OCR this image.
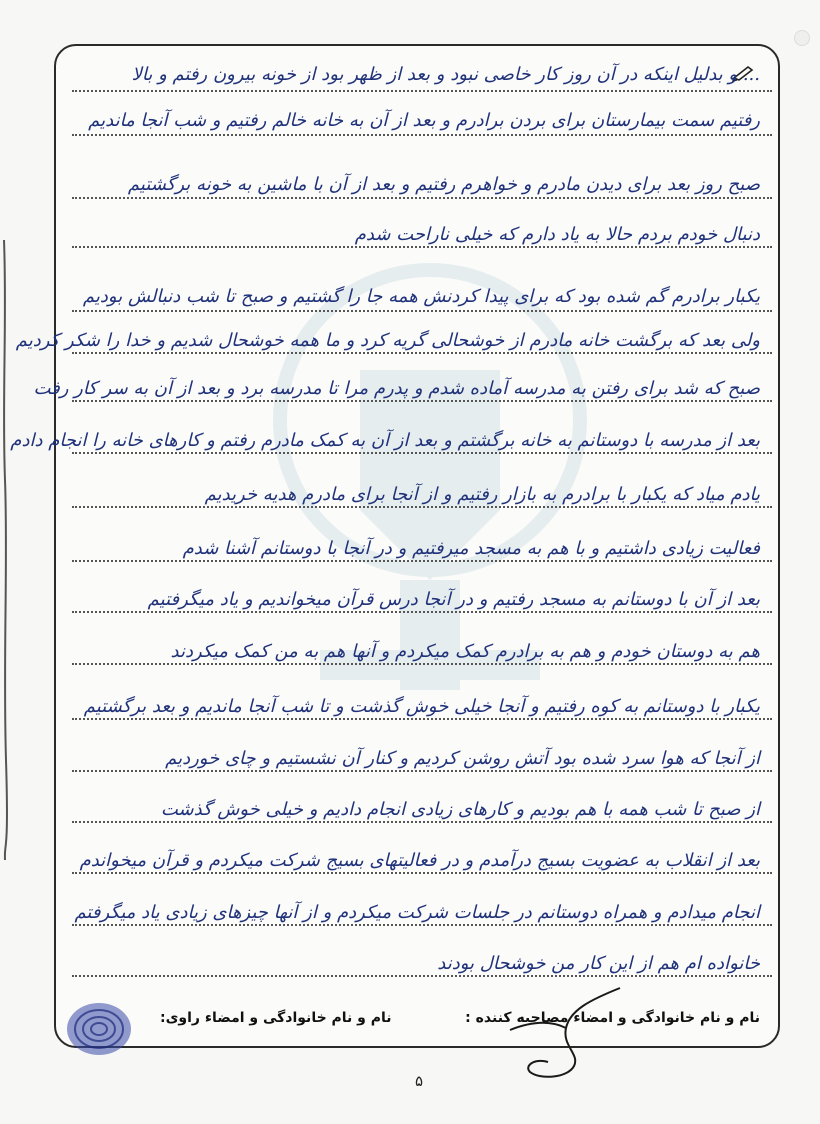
... و بدلیل اینکه در آن روز کار خاصی نبود و بعد از ظهر بود از خونه بیرون رفتم و بالا
رفتیم سمت بیمارستان برای بردن برادرم و بعد از آن به خانه خالم رفتیم و شب آنجا ماندیم
صبح روز بعد برای دیدن مادرم و خواهرم رفتیم و بعد از آن با ماشین به خونه برگشتیم
دنبال خودم بردم حالا به یاد دارم که خیلی ناراحت شدم
یکبار برادرم گم شده بود که برای پیدا کردنش همه جا را گشتیم و صبح تا شب دنبالش بودیم
ولی بعد که برگشت خانه مادرم از خوشحالی گریه کرد و ما همه خوشحال شدیم و خدا را شکر کردیم
صبح که شد برای رفتن به مدرسه آماده شدم و پدرم مرا تا مدرسه برد و بعد از آن به سر کار رفت
بعد از مدرسه با دوستانم به خانه برگشتم و بعد از آن به کمک مادرم رفتم و کارهای خانه را انجام دادم
یادم میاد که یکبار با برادرم به بازار رفتیم و از آنجا برای مادرم هدیه خریدیم
فعالیت زیادی داشتیم و با هم به مسجد میرفتیم و در آنجا با دوستانم آشنا شدم
بعد از آن با دوستانم به مسجد رفتیم و در آنجا درس قرآن میخواندیم و یاد میگرفتیم
هم به دوستان خودم و هم به برادرم کمک میکردم و آنها هم به من کمک میکردند
یکبار با دوستانم به کوه رفتیم و آنجا خیلی خوش گذشت و تا شب آنجا ماندیم و بعد برگشتیم
از آنجا که هوا سرد شده بود آتش روشن کردیم و کنار آن نشستیم و چای خوردیم
از صبح تا شب همه با هم بودیم و کارهای زیادی انجام دادیم و خیلی خوش گذشت
بعد از انقلاب به عضویت بسیج درآمدم و در فعالیتهای بسیج شرکت میکردم و قرآن میخواندم
انجام میدادم و همراه دوستانم در جلسات شرکت میکردم و از آنها چیزهای زیادی یاد میگرفتم
خانواده ام هم از این کار من خوشحال بودند
نام و نام خانوادگی و امضاء مصاحبه کننده :
نام و نام خانوادگی و امضاء راوی:
۵
